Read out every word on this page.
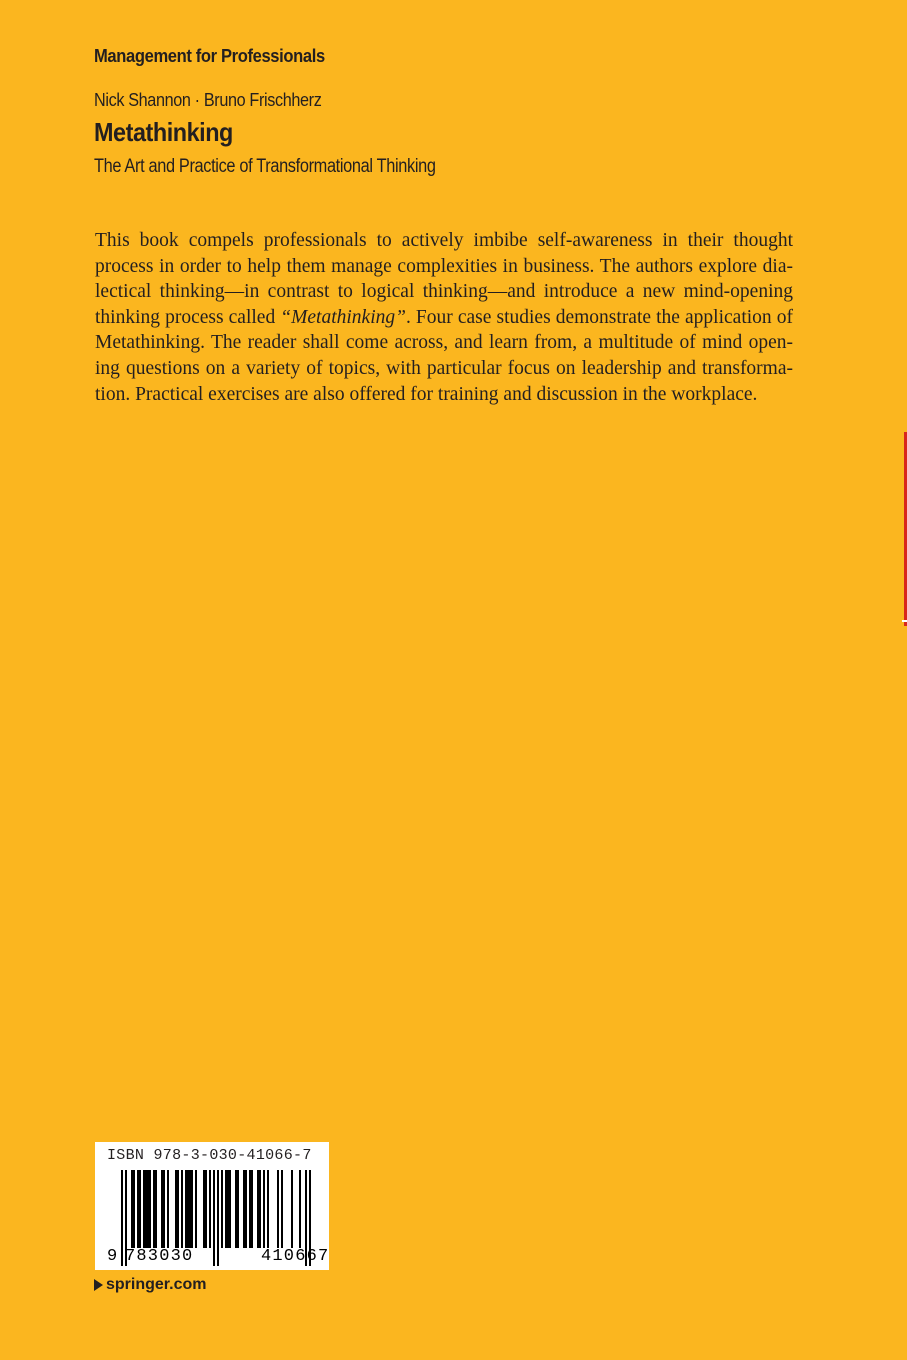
Management for Professionals
Nick Shannon · Bruno Frischherz
Metathinking
The Art and Practice of Transformational Thinking
This book compels professionals to actively imbibe self-awareness in their thought
process in order to help them manage complexities in business. The authors explore dia-
lectical thinking—in contrast to logical thinking—and introduce a new mind-opening
thinking process called “Metathinking”. Four case studies demonstrate the application of
Metathinking. The reader shall come across, and learn from, a multitude of mind open-
ing questions on a variety of topics, with particular focus on leadership and transforma-
tion. Practical exercises are also offered for training and discussion in the workplace.
ISBN 978-3-030-41066-7
9 783030	410667
springer.com
